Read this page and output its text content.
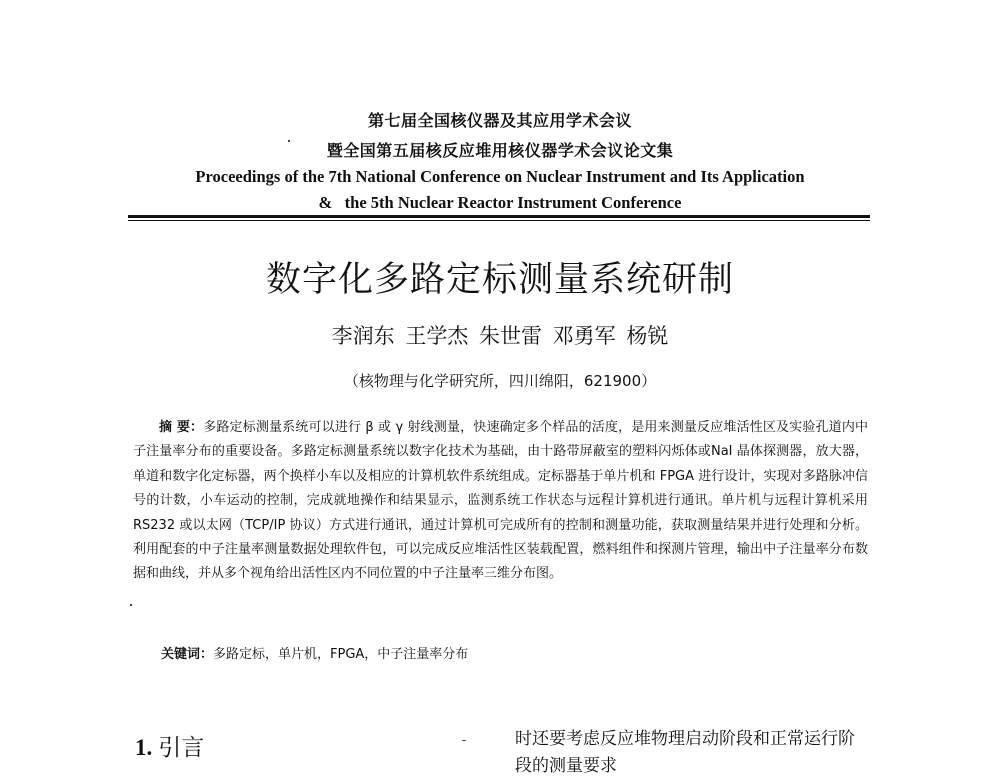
第七届全国核仪器及其应用学术会议
暨全国第五届核反应堆用核仪器学术会议论文集
Proceedings of the 7th National Conference on Nuclear Instrument and Its Application
&   the 5th Nuclear Reactor Instrument Conference
数字化多路定标测量系统研制
李润东 王学杰 朱世雷 邓勇军 杨锐
（核物理与化学研究所，四川绵阳，621900）

摘 要：多路定标测量系统可以进行 β 或 γ 射线测量，快速确定多个样品的活度，是用来测量反应堆活性区及实验孔道内中子注量率分布的重要设备。多路定标测量系统以数字化技术为基础，由十路带屏蔽室的塑料闪烁体或NaI 晶体探测器，放大器，单道和数字化定标器，两个换样小车以及相应的计算机软件系统组成。定标器基于单片机和 FPGA 进行设计，实现对多路脉冲信号的计数，小车运动的控制，完成就地操作和结果显示，监测系统工作状态与远程计算机进行通讯。单片机与远程计算机采用 RS232 或以太网（TCP/IP 协议）方式进行通讯，通过计算机可完成所有的控制和测量功能，获取测量结果并进行处理和分析。利用配套的中子注量率测量数据处理软件包，可以完成反应堆活性区装载配置，燃料组件和探测片管理，输出中子注量率分布数据和曲线，并从多个视角给出活性区内不同位置的中子注量率三维分布图。

关键词：多路定标，单片机，FPGA，中子注量率分布
1. 引言	时还要考虑反应堆物理启动阶段和正常运行阶段的测量要求
